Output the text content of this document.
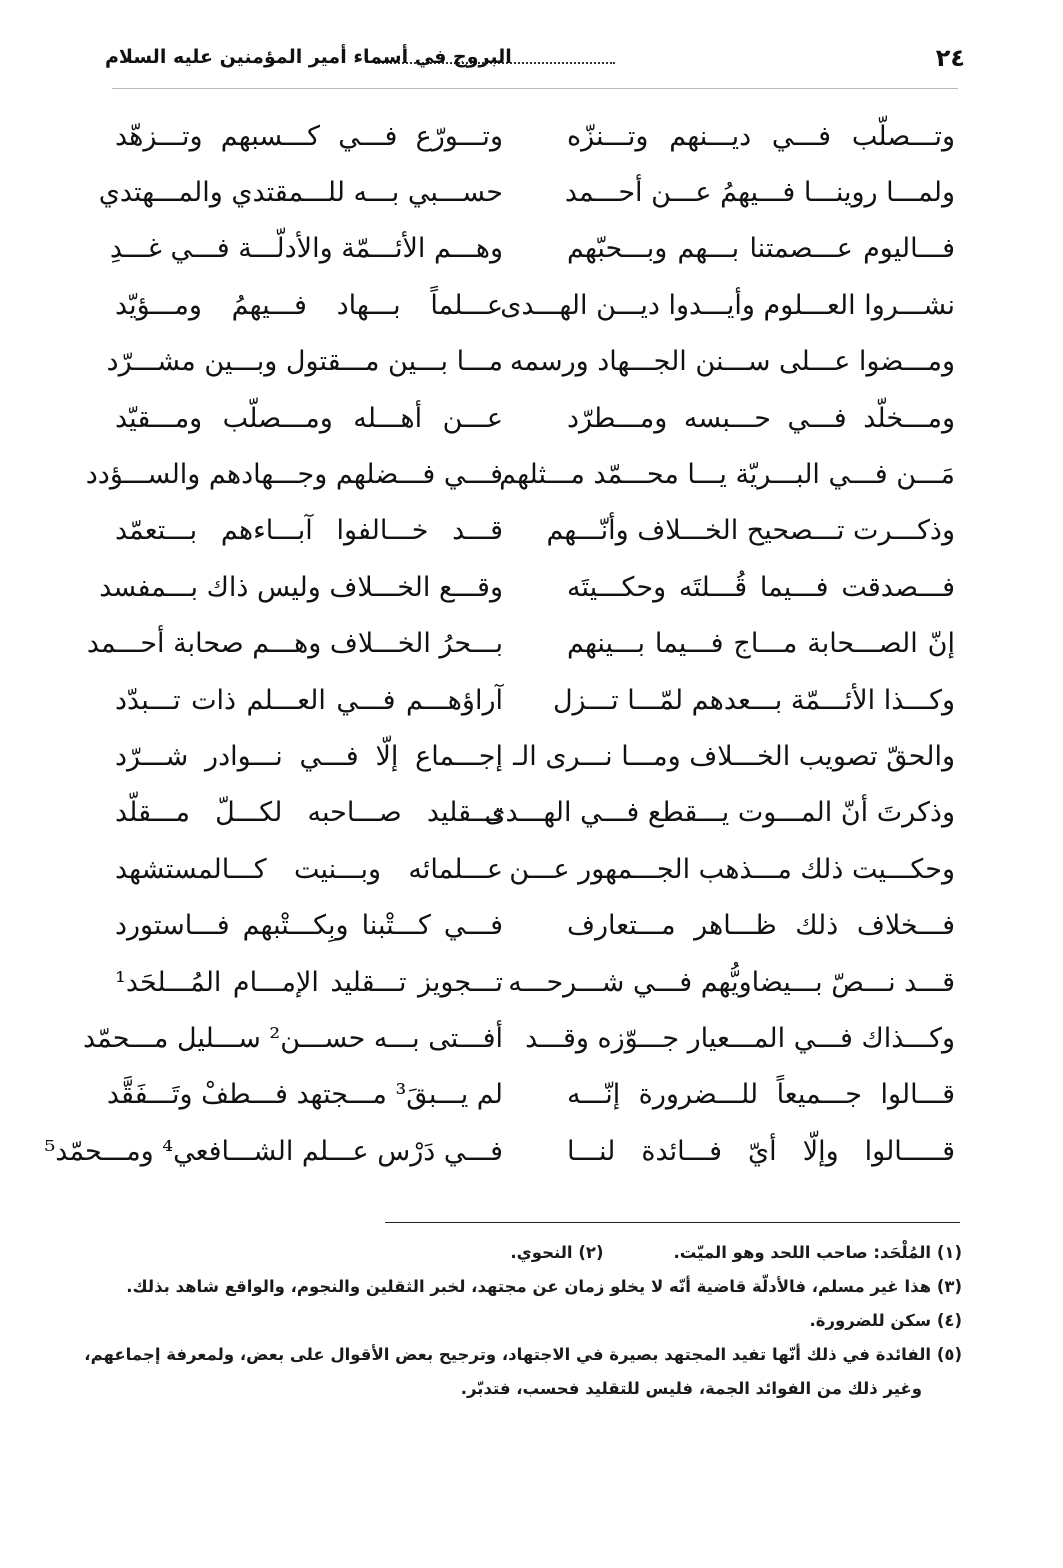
٢٤
البروج في أسماء أمير المؤمنين عليه السلام
وتـــصلّب فـــي ديـــنهم وتـــنزّه
وتـــورّع فـــي كـــسبهم وتـــزهّد
ولمـــا روينـــا فـــيهمُ عـــن أحـــمد
حســـبي بـــه للـــمقتدي والمـــهتدي
فـــاليوم عـــصمتنا بـــهم وبـــحبّهم
وهـــم الأئـــمّة والأدلّـــة فـــي غـــدِ
نشـــروا العـــلوم وأيـــدوا ديـــن الهـــدى
عـــلماً بـــهاد فـــيهمُ ومـــؤيّد
ومـــضوا عـــلى ســـنن الجـــهاد ورسمه
مـــا بـــين مـــقتول وبـــين مشـــرّد
ومـــخلّد فـــي حـــبسه ومـــطرّد
عـــن أهـــله ومـــصلّب ومـــقيّد
مَـــن فـــي البـــريّة يـــا محـــمّد مـــثلهم
فـــي فـــضلهم وجـــهادهم والســـؤدد
وذكـــرت تـــصحيح الخـــلاف وأنّـــهم
قـــد خـــالفوا آبـــاءهم بـــتعمّد
فـــصدقت فـــيما قُـــلتَه وحكـــيتَه
وقـــع الخـــلاف وليس ذاك بـــمفسد
إنّ الصـــحابة مـــاج فـــيما بـــينهم
بـــحرُ الخـــلاف وهـــم صحابة أحـــمد
وكـــذا الأئـــمّة بـــعدهم لمّـــا تـــزل
آراؤهـــم فـــي العـــلم ذات تـــبدّد
والحقّ تصويب الخـــلاف ومـــا نـــرى الـ
إجـــماع إلّا فـــي نـــوادر شـــرّد
وذكرتَ أنّ المـــوت يـــقطع فـــي الهـــدى
تـــقليد صـــاحبه لكـــلّ مـــقلّد
وحكـــيت ذلك مـــذهب الجـــمهور عـــن
عـــلمائه وبـــنيت كـــالمستشهد
فـــخلاف ذلك ظـــاهر مـــتعارف
فـــي كـــتْبنا وبِكـــتْبهم فـــاستورد
قـــد نـــصّ بـــيضاويُّهم فـــي شـــرحـــه
تـــجويز تـــقليد الإمـــام المُـــلحَد¹
وكـــذاك فـــي المـــعيار جـــوّزه وقـــد
أفـــتى بـــه حســـن² ســـليل مـــحمّد
قـــالوا جـــميعاً للـــضرورة إنّـــه
لم يـــبقَ³ مـــجتهد فـــطفْ وتَـــفَقَّد
قـــــالوا وإلّا أيّ فـــائدة لنـــا
فـــي دَرْس عـــلم الشـــافعي⁴ ومـــحمّد⁵
(١) المُلْحَد: صاحب اللحد وهو الميّت.(٢) النحوي.
(٣) هذا غير مسلم، فالأدلّة قاضية أنّه لا يخلو زمان عن مجتهد، لخبر الثقلين والنجوم، والواقع شاهد بذلك.
(٤) سكن للضرورة.
(٥) الفائدة في ذلك أنّها تفيد المجتهد بصيرة في الاجتهاد، وترجيح بعض الأقوال على بعض، ولمعرفة إجماعهم،
وغير ذلك من الفوائد الجمة، فليس للتقليد فحسب، فتدبّر.
